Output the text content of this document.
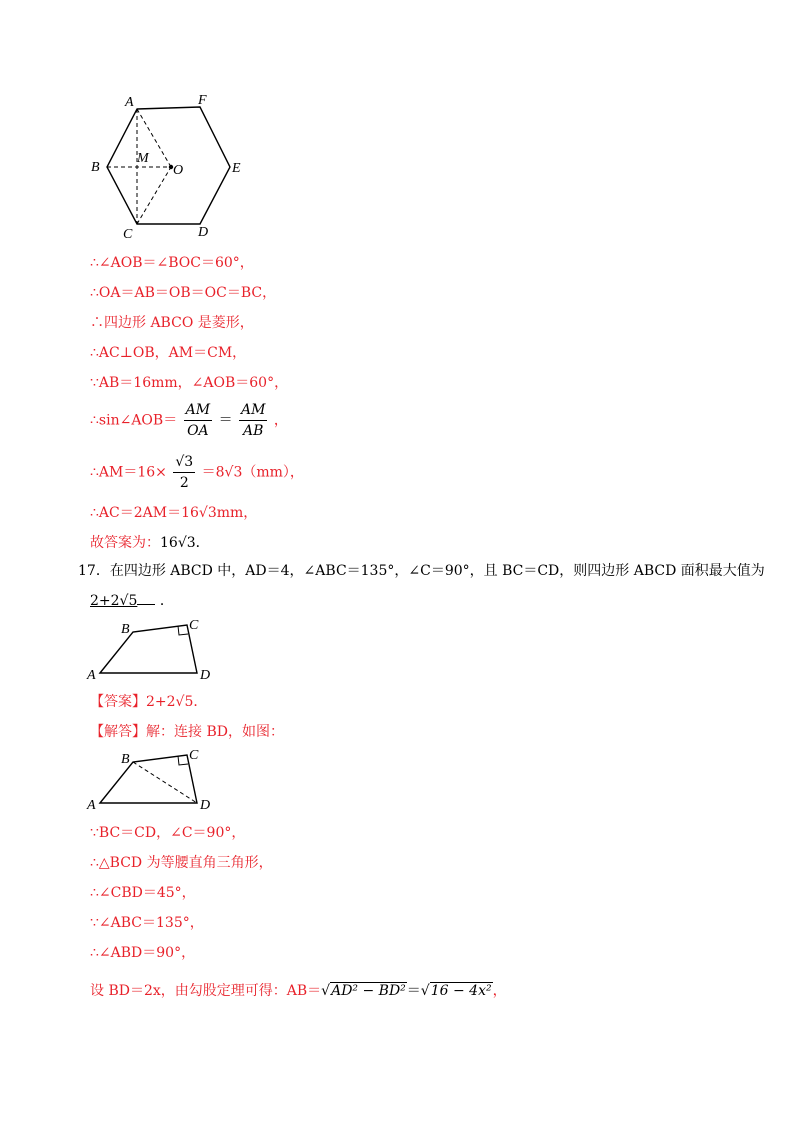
A	F
B
M
O	E
C	D
∴∠AOB＝∠BOC＝60°，
∴OA＝AB＝OB＝OC＝BC，
∴四边形 ABCO 是菱形，
∴AC⊥OB，AM＝CM，
∵AB＝16mm，∠AOB＝60°，
∴sin∠AOB＝ $\frac{AM}{OA} = \frac{AM}{AB}$ ，
∴AM＝16× $\frac{√3}{2} =8√3(mm)$，
∴AC＝2AM＝16√3mm，
故答案为：16√3．
17．在四边形 ABCD 中，AD＝4，∠ABC＝135°，∠C＝90°，且 BC＝CD，则四边形 ABCD 面积最大值为
2+2√5 ．
A
B	C
D
【答案】2+2√5．
【解答】解：连接 BD，如图：
A
B	C
D
∵BC＝CD，∠C＝90°，
∴△BCD 为等腰直角三角形，
∴∠CBD＝45°，
∵∠ABC＝135°，
∴∠ABD＝90°，
设 BD＝2x，由勾股定理可得：AB＝√AD² − BD²＝√16 − 4x²，
